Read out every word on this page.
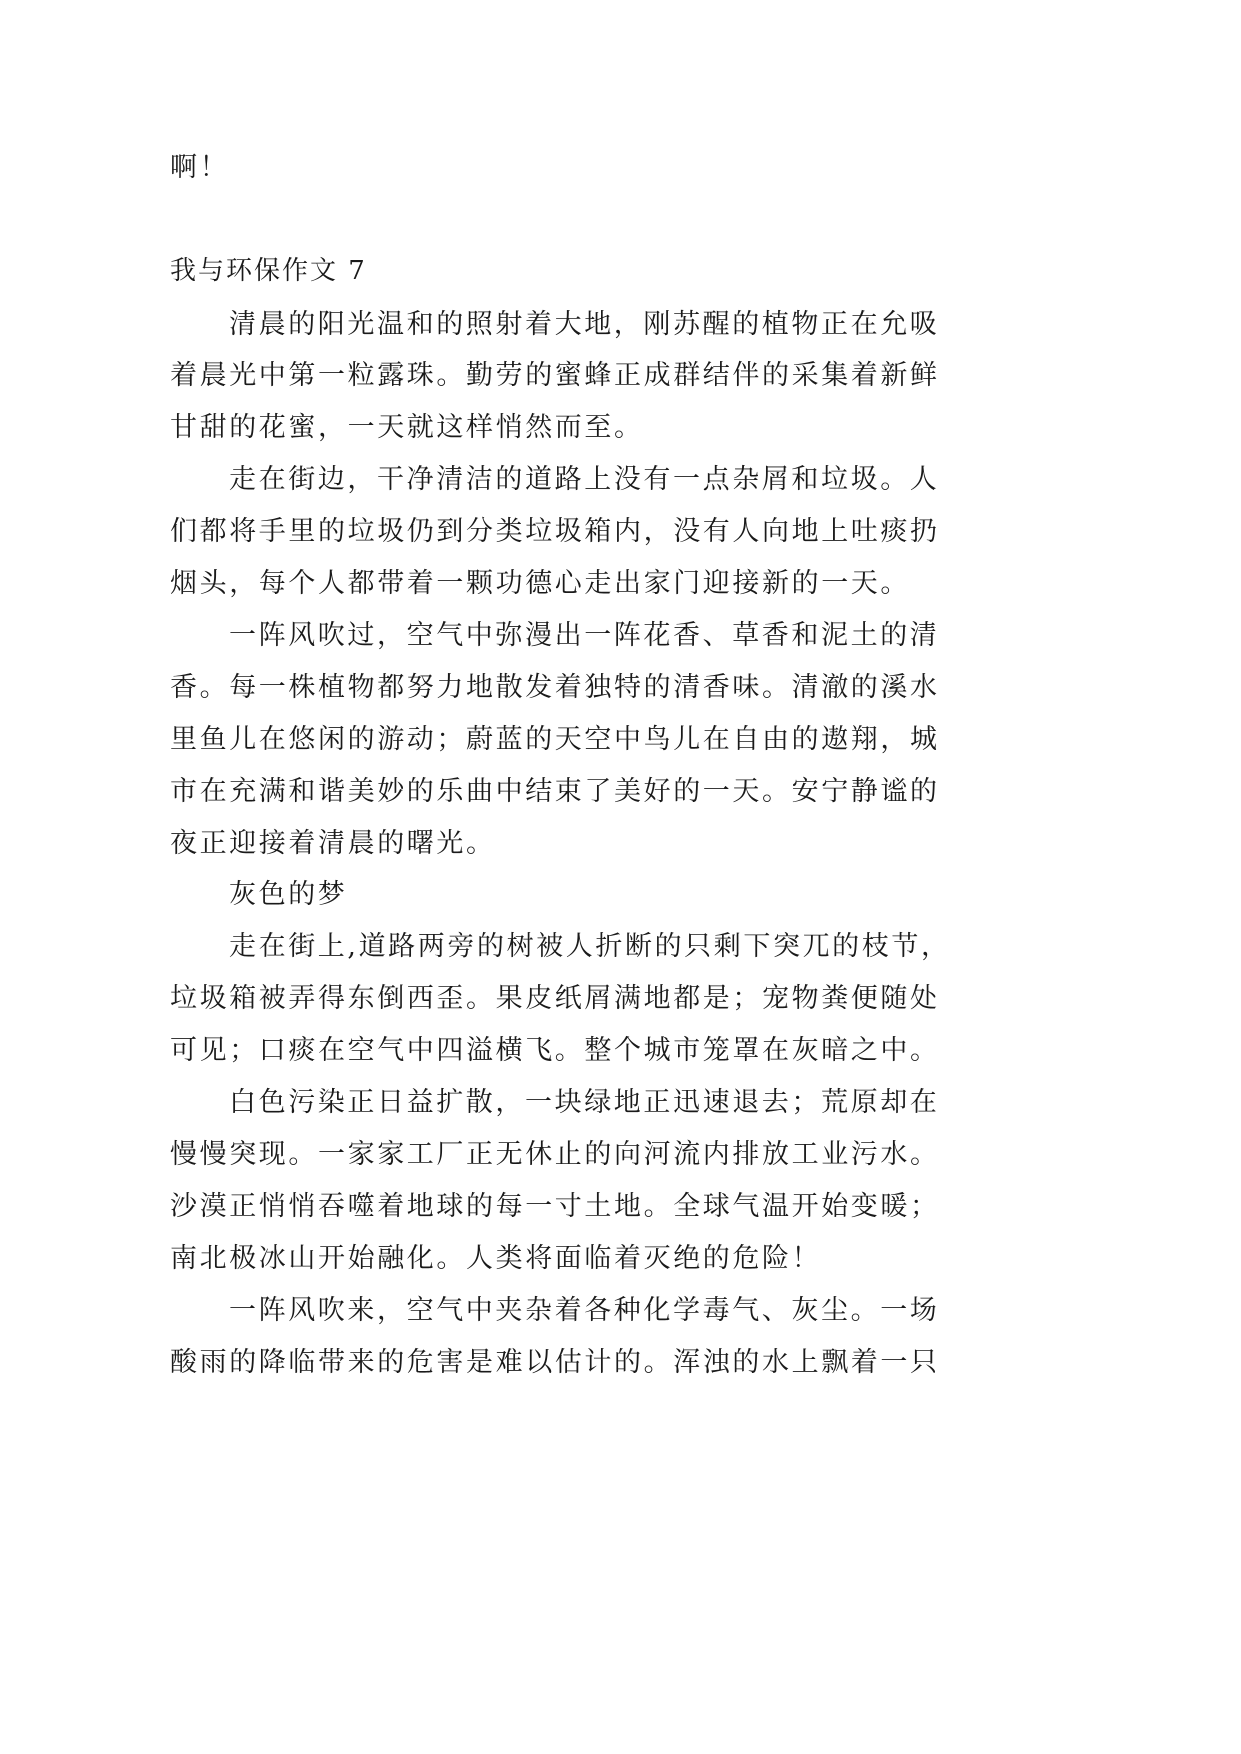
啊！
我与环保作文 7
清晨的阳光温和的照射着大地，刚苏醒的植物正在允吸
着晨光中第一粒露珠。勤劳的蜜蜂正成群结伴的采集着新鲜
甘甜的花蜜，一天就这样悄然而至。
走在街边，干净清洁的道路上没有一点杂屑和垃圾。人
们都将手里的垃圾仍到分类垃圾箱内，没有人向地上吐痰扔
烟头，每个人都带着一颗功德心走出家门迎接新的一天。
一阵风吹过，空气中弥漫出一阵花香、草香和泥土的清
香。每一株植物都努力地散发着独特的清香味。清澈的溪水
里鱼儿在悠闲的游动；蔚蓝的天空中鸟儿在自由的遨翔，城
市在充满和谐美妙的乐曲中结束了美好的一天。安宁静谧的
夜正迎接着清晨的曙光。
灰色的梦
走在街上,道路两旁的树被人折断的只剩下突兀的枝节，
垃圾箱被弄得东倒西歪。果皮纸屑满地都是；宠物粪便随处
可见；口痰在空气中四溢横飞。整个城市笼罩在灰暗之中。
白色污染正日益扩散，一块绿地正迅速退去；荒原却在
慢慢突现。一家家工厂正无休止的向河流内排放工业污水。
沙漠正悄悄吞噬着地球的每一寸土地。全球气温开始变暖；
南北极冰山开始融化。人类将面临着灭绝的危险！
一阵风吹来，空气中夹杂着各种化学毒气、灰尘。一场
酸雨的降临带来的危害是难以估计的。浑浊的水上飘着一只
